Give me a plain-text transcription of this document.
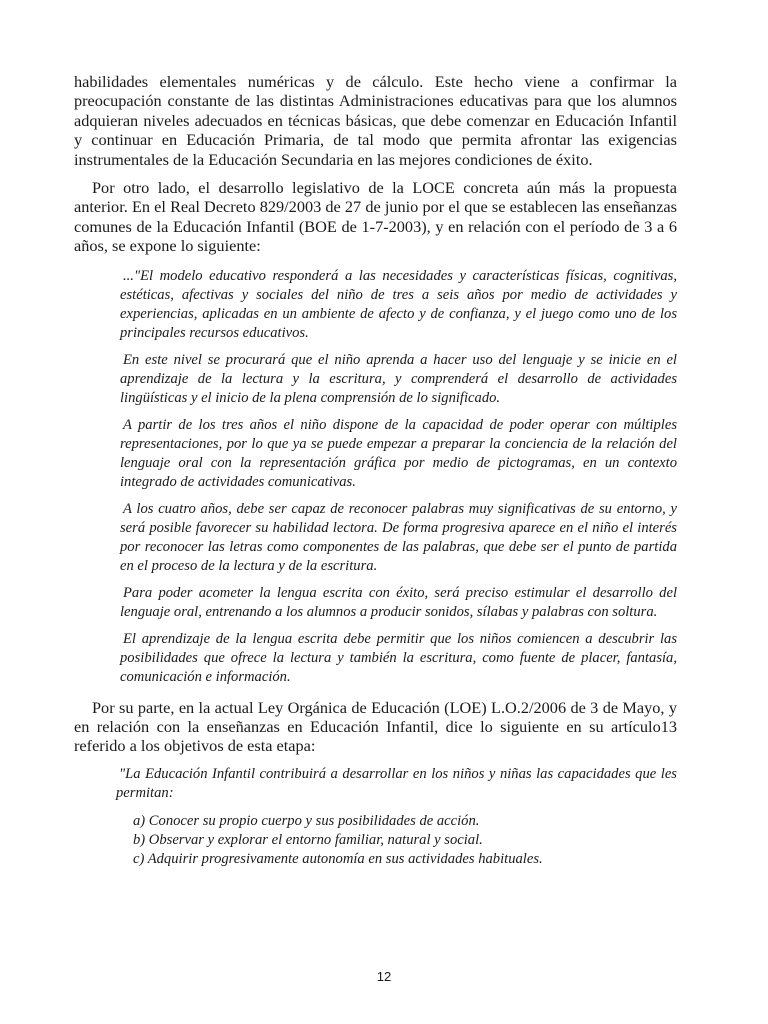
habilidades elementales numéricas y de cálculo. Este hecho viene a confirmar la preocupación constante de las distintas Administraciones educativas para que los alumnos adquieran niveles adecuados en técnicas básicas, que debe comenzar en Educación Infantil y continuar en Educación Primaria, de tal modo que permita afrontar las exigencias instrumentales de la Educación Secundaria en las mejores condiciones de éxito.

Por otro lado, el desarrollo legislativo de la LOCE concreta aún más la propuesta anterior. En el Real Decreto 829/2003 de 27 de junio por el que se establecen las enseñanzas comunes de la Educación Infantil (BOE de 1-7-2003), y en relación con el período de 3 a 6 años, se expone lo siguiente:

..."El modelo educativo responderá a las necesidades y características físicas, cognitivas, estéticas, afectivas y sociales del niño de tres a seis años por medio de actividades y experiencias, aplicadas en un ambiente de afecto y de confianza, y el juego como uno de los principales recursos educativos.

En este nivel se procurará que el niño aprenda a hacer uso del lenguaje y se inicie en el aprendizaje de la lectura y la escritura, y comprenderá el desarrollo de actividades lingüísticas y el inicio de la plena comprensión de lo significado.

A partir de los tres años el niño dispone de la capacidad de poder operar con múltiples representaciones, por lo que ya se puede empezar a preparar la conciencia de la relación del lenguaje oral con la representación gráfica por medio de pictogramas, en un contexto integrado de actividades comunicativas.

A los cuatro años, debe ser capaz de reconocer palabras muy significativas de su entorno, y será posible favorecer su habilidad lectora. De forma progresiva aparece en el niño el interés por reconocer las letras como componentes de las palabras, que debe ser el punto de partida en el proceso de la lectura y de la escritura.

Para poder acometer la lengua escrita con éxito, será preciso estimular el desarrollo del lenguaje oral, entrenando a los alumnos a producir sonidos, sílabas y palabras con soltura.

El aprendizaje de la lengua escrita debe permitir que los niños comiencen a descubrir las posibilidades que ofrece la lectura y también la escritura, como fuente de placer, fantasía, comunicación e información.

Por su parte, en la actual Ley Orgánica de Educación (LOE) L.O.2/2006 de 3 de Mayo, y en relación con la enseñanzas en Educación Infantil, dice lo siguiente en su artículo13 referido a los objetivos de esta etapa:

"La Educación Infantil contribuirá a desarrollar en los niños y niñas las capacidades que les permitan:

a) Conocer su propio cuerpo y sus posibilidades de acción.
b) Observar y explorar el entorno familiar, natural y social.
c) Adquirir progresivamente autonomía en sus actividades habituales.
12
